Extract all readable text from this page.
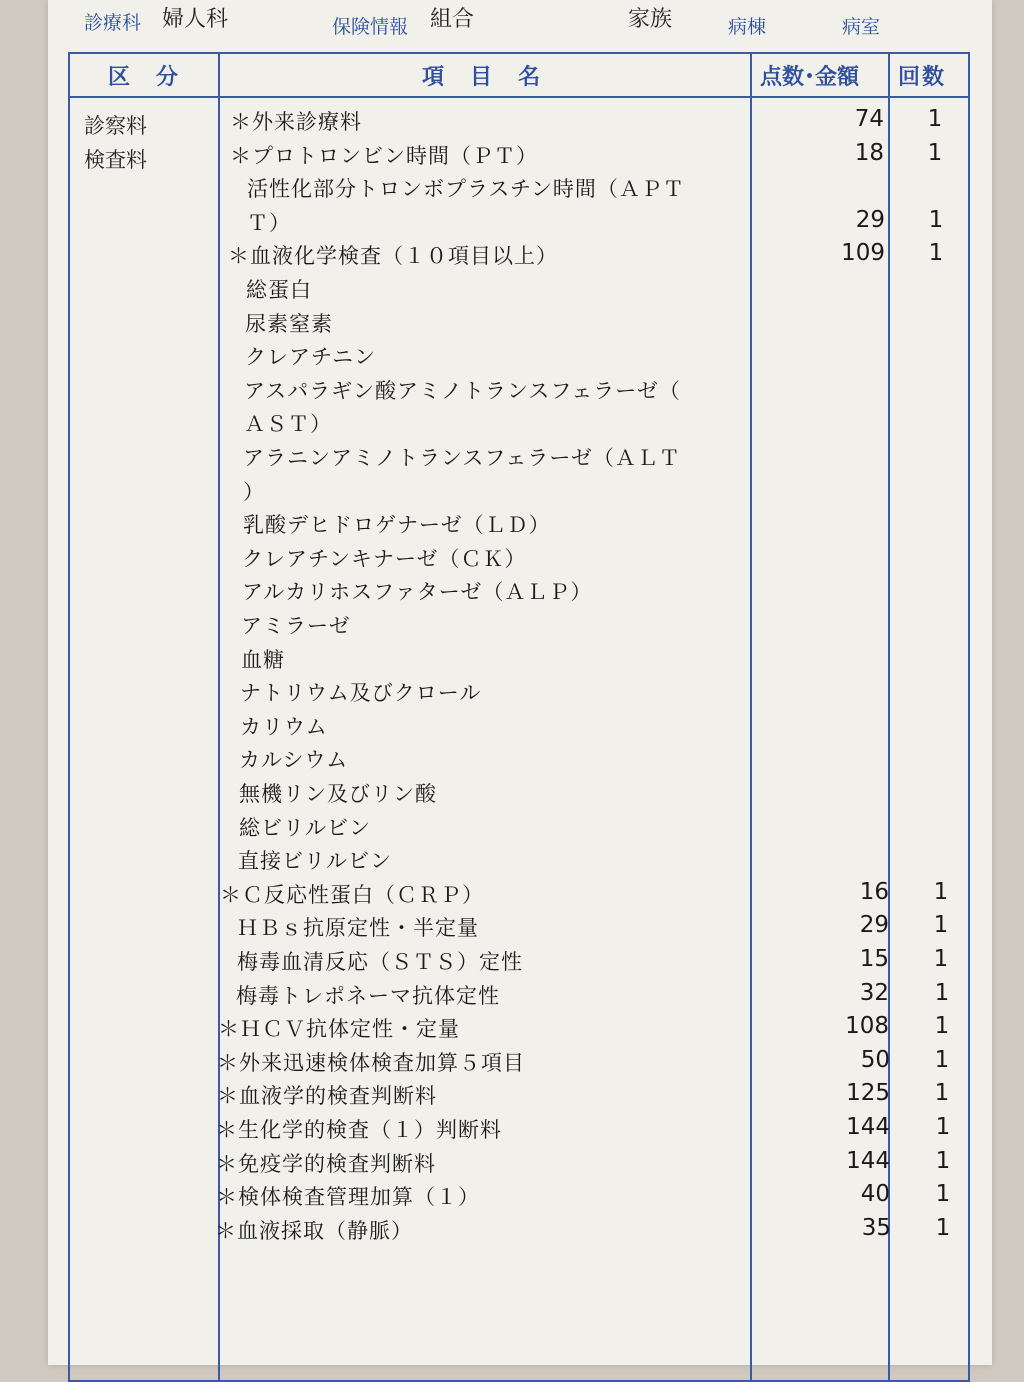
診療科 婦人科	保険情報 組合	家族	病棟	病室
区　分	項　目　名	点数･金額 回数
診察料
検査料
＊外来診療料	74	1
＊プロトロンビン時間（ＰＴ）	18	1
活性化部分トロンボプラスチン時間（ＡＰＴ
Ｔ）	29	1
＊血液化学検査（１０項目以上）	109	1
総蛋白
尿素窒素
クレアチニン
アスパラギン酸アミノトランスフェラーゼ（
ＡＳＴ）
アラニンアミノトランスフェラーゼ（ＡＬＴ
）
乳酸デヒドロゲナーゼ（ＬＤ）
クレアチンキナーゼ（ＣＫ）
アルカリホスファターゼ（ＡＬＰ）
アミラーゼ
血糖
ナトリウム及びクロール
カリウム
カルシウム
無機リン及びリン酸
総ビリルビン
直接ビリルビン
＊Ｃ反応性蛋白（ＣＲＰ）	16	1
ＨＢｓ抗原定性・半定量	29	1
梅毒血清反応（ＳＴＳ）定性	15	1
梅毒トレポネーマ抗体定性	32	1
＊ＨＣＶ抗体定性・定量	108	1
＊外来迅速検体検査加算５項目	50	1
＊血液学的検査判断料	125	1
＊生化学的検査（１）判断料	144	1
＊免疫学的検査判断料	144	1
＊検体検査管理加算（１）	40	1
＊血液採取（静脈）	35	1
